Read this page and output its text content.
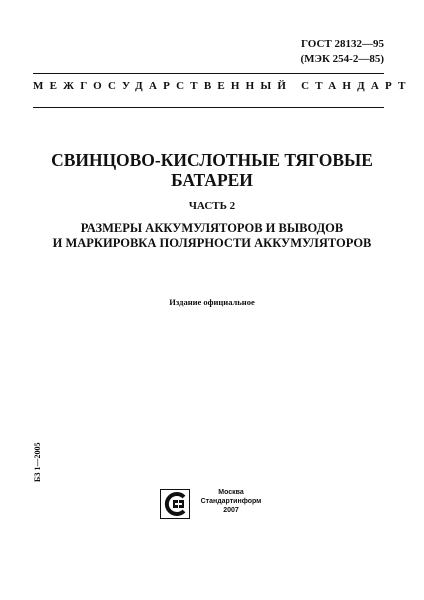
ГОСТ 28132—95
(МЭК 254-2—85)
МЕЖГОСУДАРСТВЕННЫЙ СТАНДАРТ
СВИНЦОВО-КИСЛОТНЫЕ ТЯГОВЫЕ
БАТАРЕИ
ЧАСТЬ 2
РАЗМЕРЫ АККУМУЛЯТОРОВ И ВЫВОДОВ
И МАРКИРОВКА ПОЛЯРНОСТИ АККУМУЛЯТОРОВ
Издание официальное
БЗ 1—2005
Москва
Стандартинформ
2007
